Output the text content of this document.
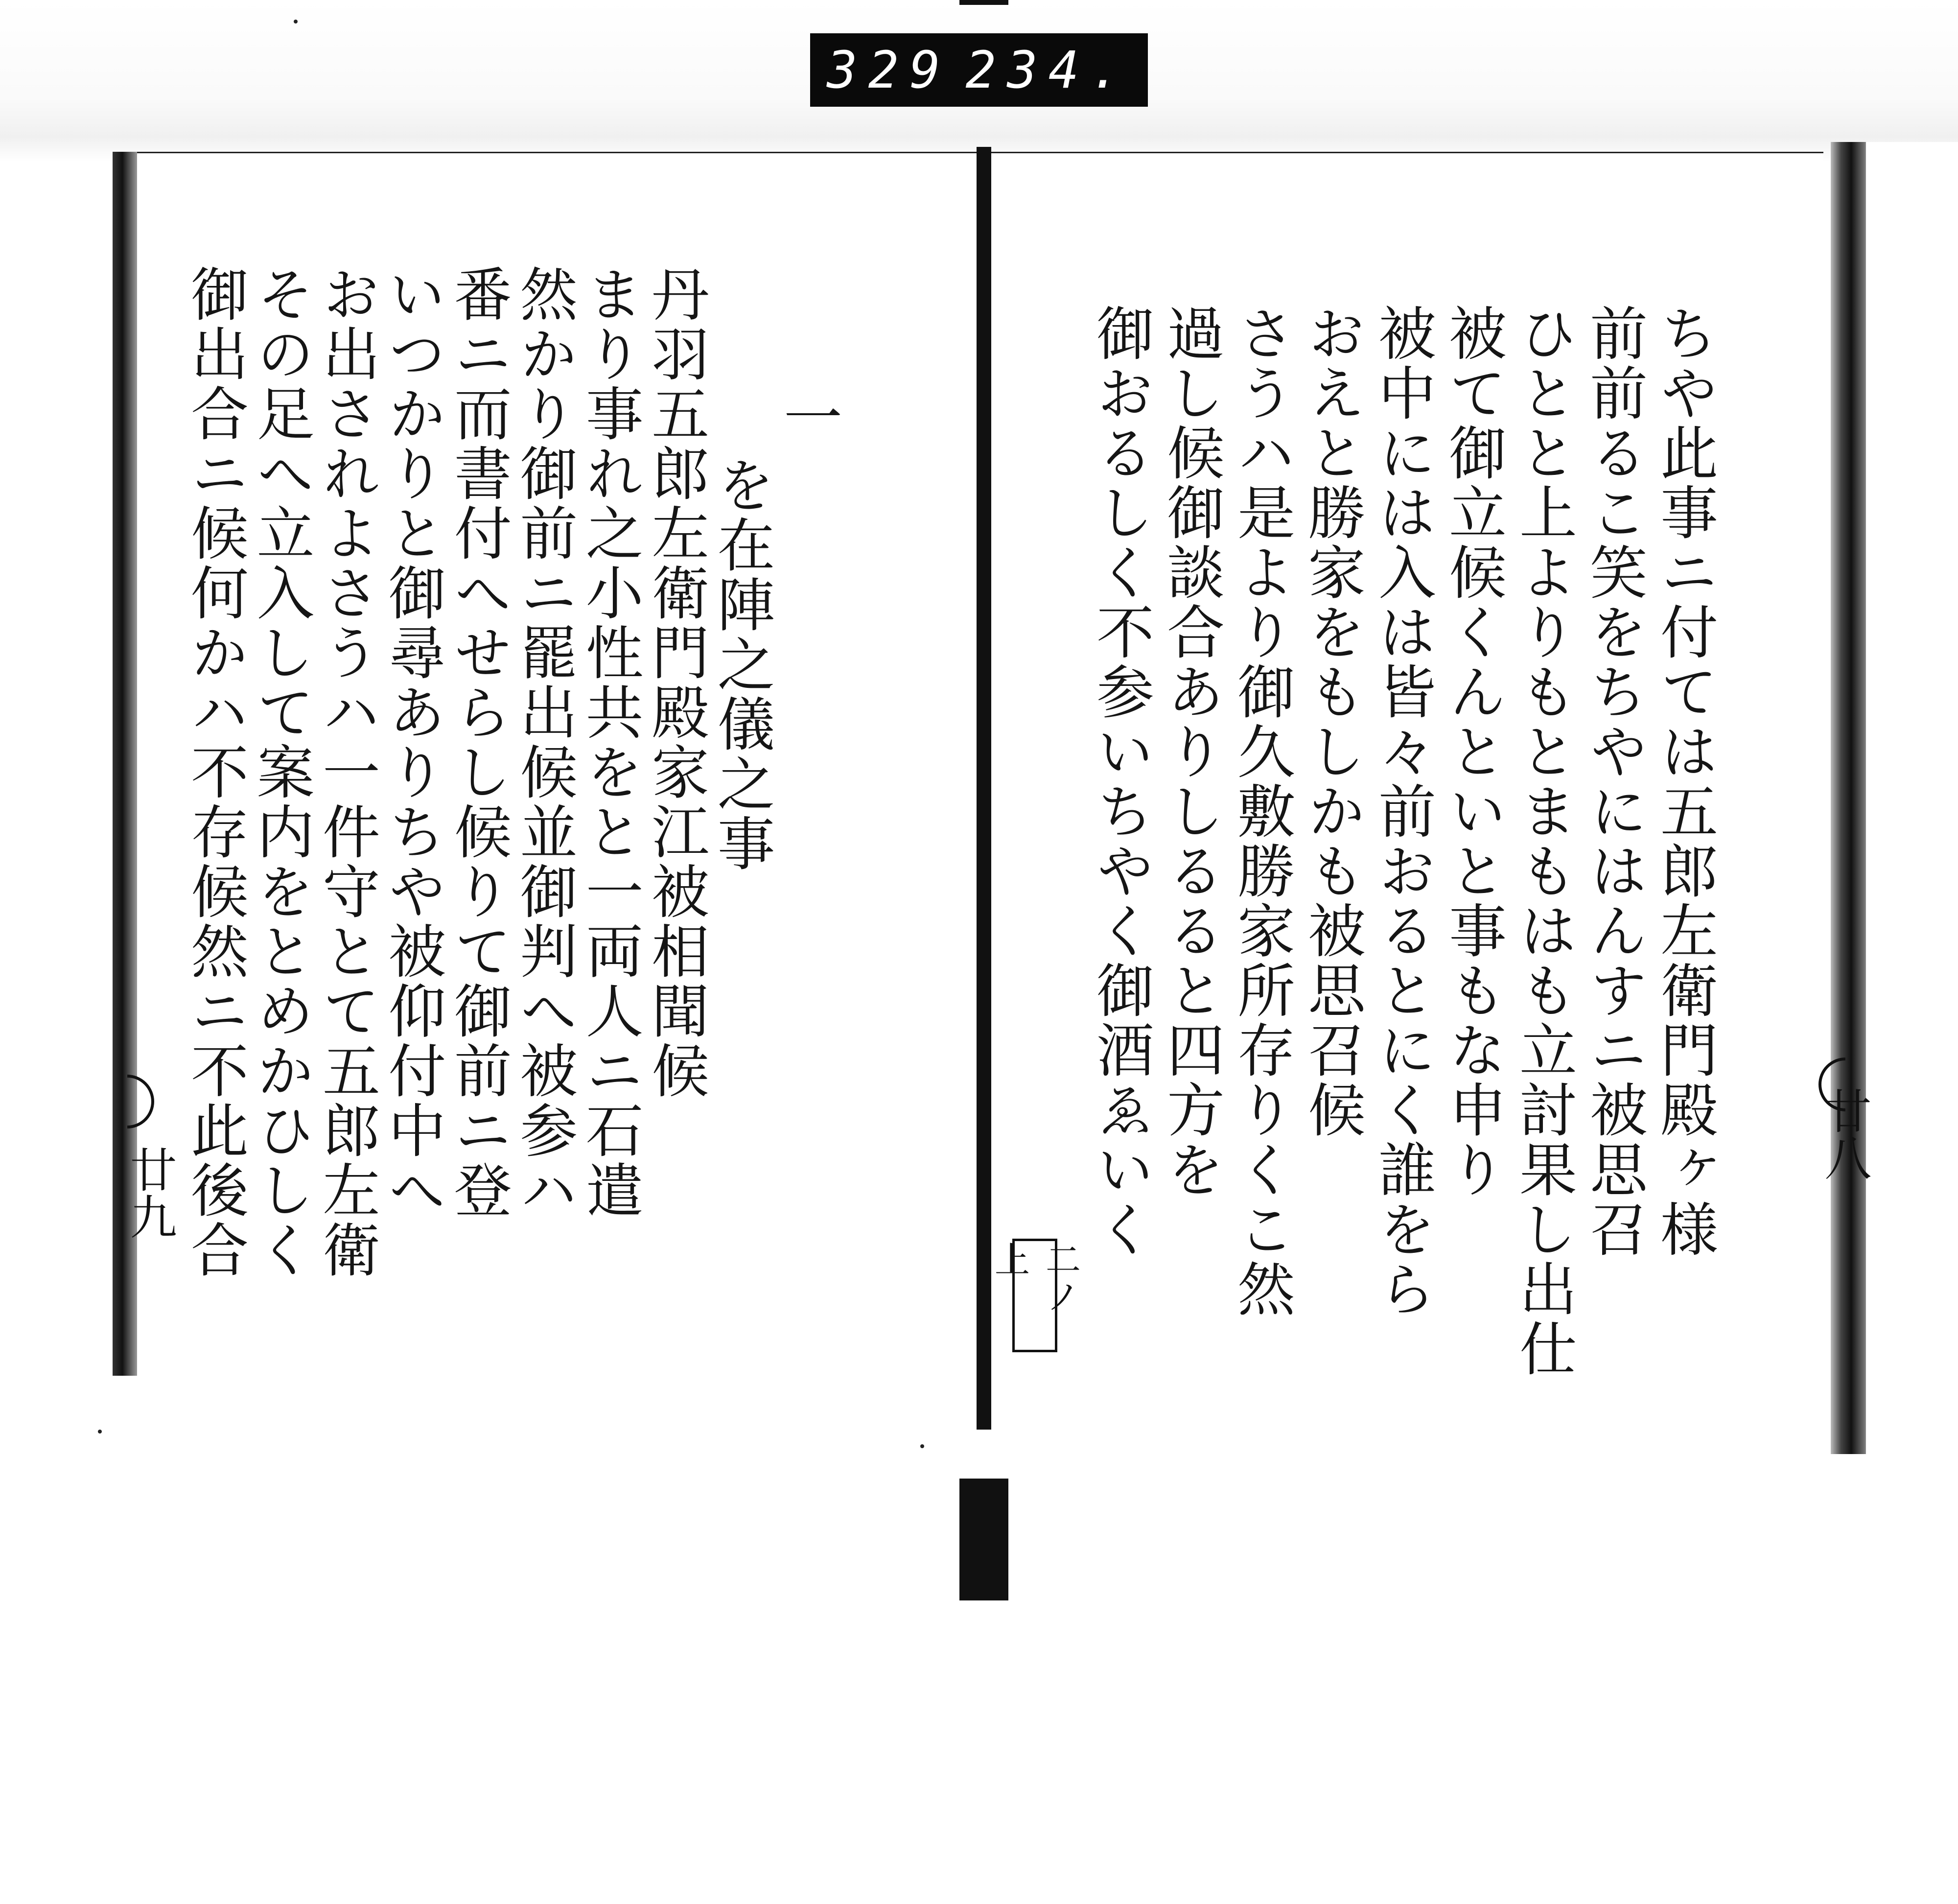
329 234.
一
を在陣之儀之事
丹羽五郎左衛門殿家江被相聞候
まり事れ之小性共をと一両人ニ石遣
然かり御前ニ罷出候並御判へ被参ハ
番ニ而書付へせらし候りて御前ニ登
いつかりと御尋ありちや被仰付中へ
お出されよさうハ一件守とて五郎左衛
その足へ立入して案内をとめかひしく
御出合ニ候何かハ不存候然ニ不此後合	ちや此事ニ付ては五郎左衛門殿ヶ様
前前るこ笑をちやにはんすニ被思召
ひとと上よりもとまもはも立討果し出仕
被て御立候くんといと事もな申り
被中には入は皆々前おるとにく誰をら
おえと勝家をもしかも被思召候
さうハ是より御久敷勝家所存りくこ然
過し候御談合ありしるると四方を
御おるしく不参いちやく御酒ゑいく
廿九
廿八
